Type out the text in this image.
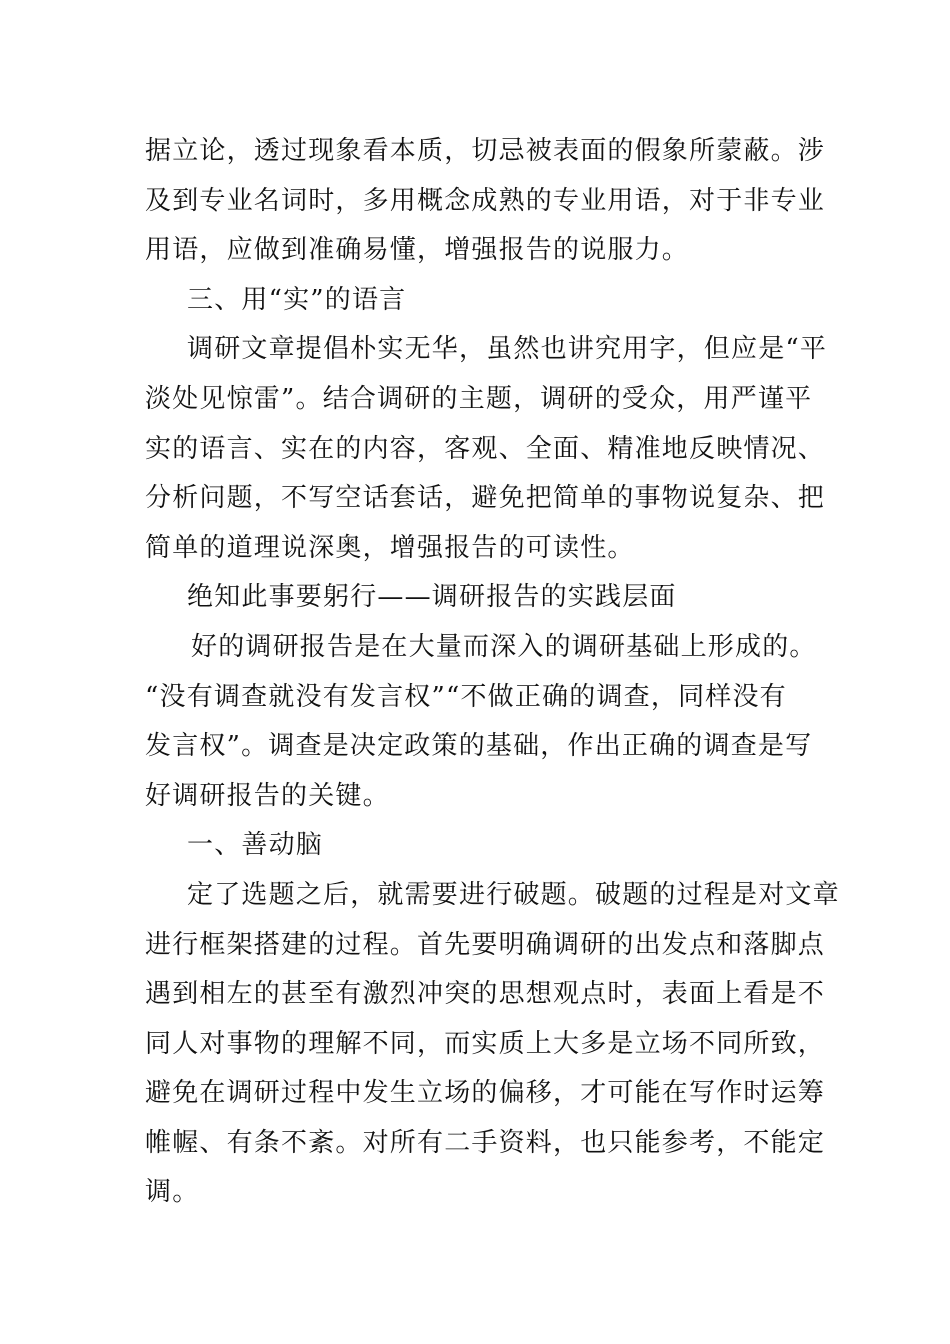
据立论，透过现象看本质，切忌被表面的假象所蒙蔽。涉
及到专业名词时，多用概念成熟的专业用语，对于非专业
用语，应做到准确易懂，增强报告的说服力。
三、用“实”的语言
调研文章提倡朴实无华，虽然也讲究用字，但应是“平
淡处见惊雷”。结合调研的主题，调研的受众，用严谨平
实的语言、实在的内容，客观、全面、精准地反映情况、
分析问题，不写空话套话，避免把简单的事物说复杂、把
简单的道理说深奥，增强报告的可读性。
绝知此事要躬行——调研报告的实践层面
好的调研报告是在大量而深入的调研基础上形成的。
“没有调查就没有发言权”“不做正确的调查，同样没有
发言权”。调查是决定政策的基础，作出正确的调查是写
好调研报告的关键。
一、善动脑
定了选题之后，就需要进行破题。破题的过程是对文章
进行框架搭建的过程。首先要明确调研的出发点和落脚点
遇到相左的甚至有激烈冲突的思想观点时，表面上看是不
同人对事物的理解不同，而实质上大多是立场不同所致，
避免在调研过程中发生立场的偏移，才可能在写作时运筹
帷幄、有条不紊。对所有二手资料，也只能参考，不能定
调。
